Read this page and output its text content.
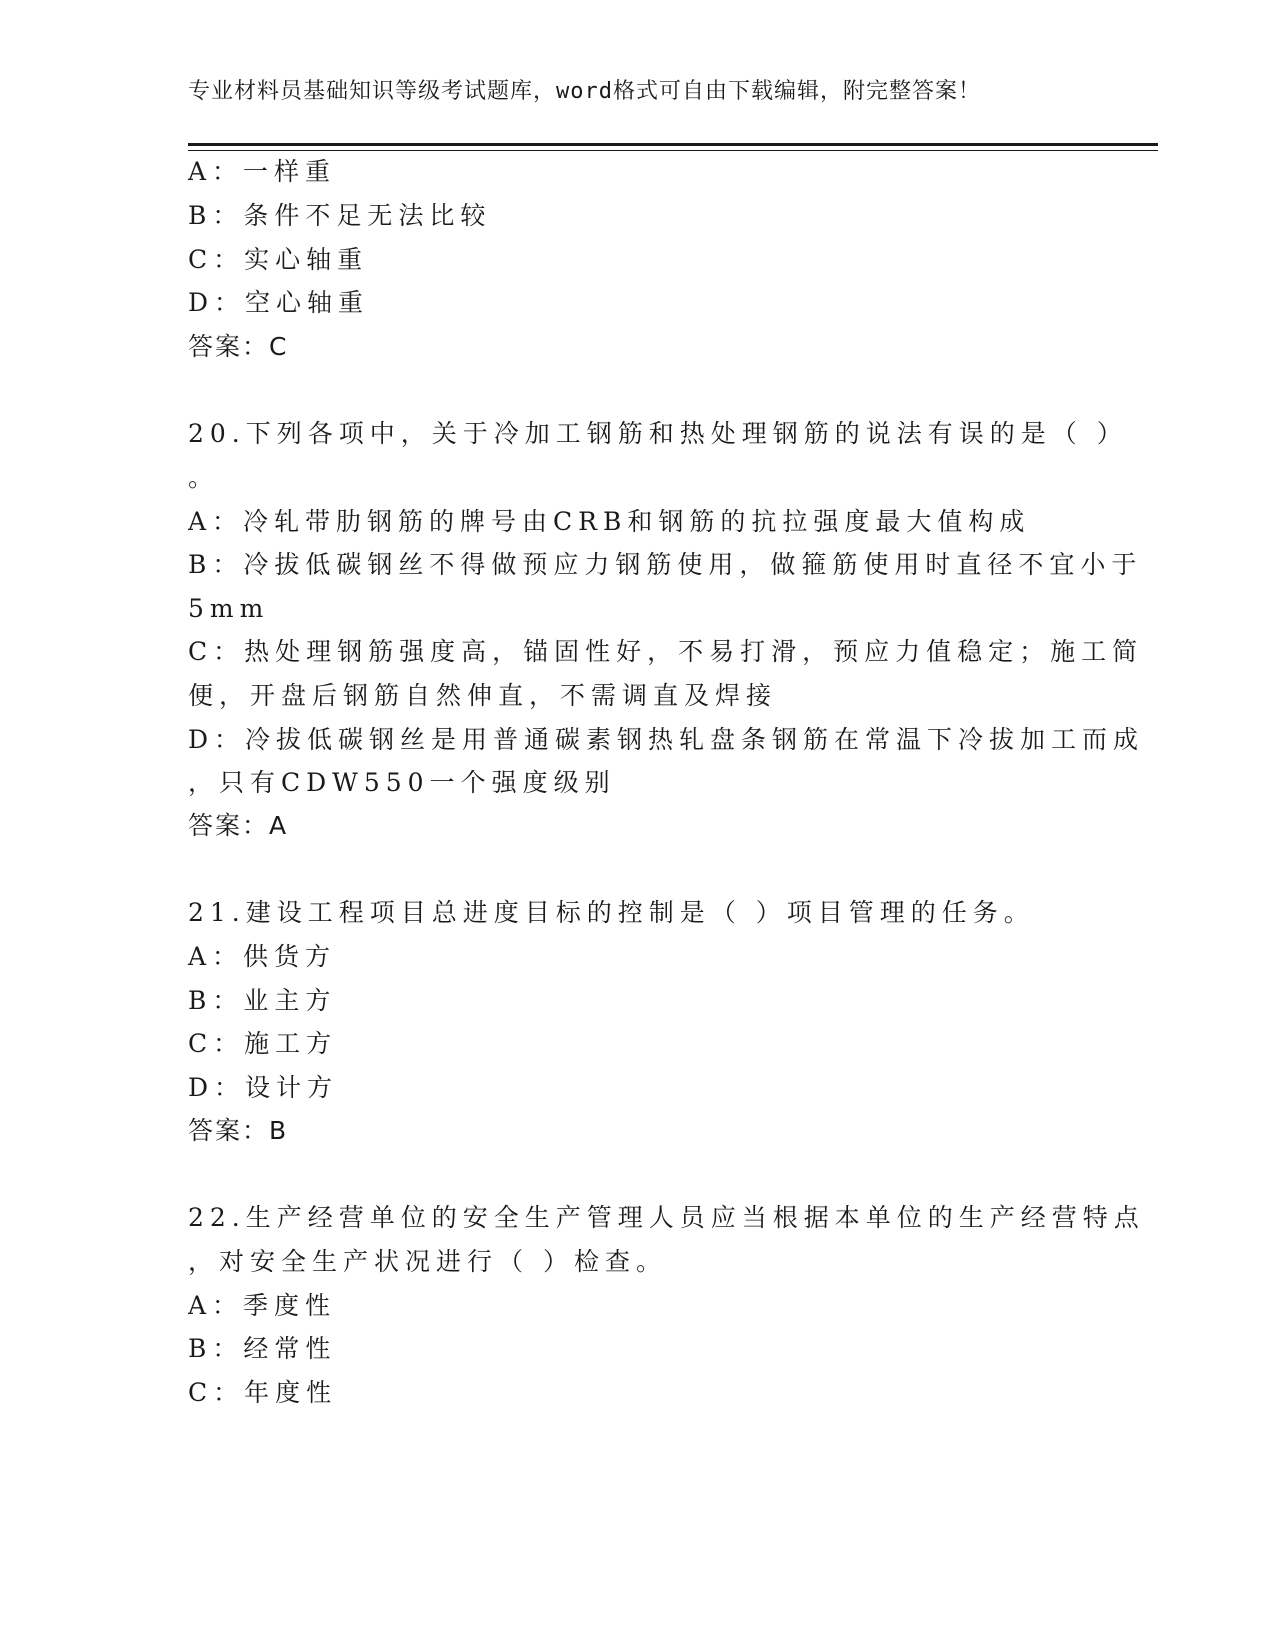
专业材料员基础知识等级考试题库，word格式可自由下载编辑，附完整答案！
A：一样重
B：条件不足无法比较
C：实心轴重
D：空心轴重
答案：C
20.下列各项中，关于冷加工钢筋和热处理钢筋的说法有误的是（ ）
。
A：冷轧带肋钢筋的牌号由CRB和钢筋的抗拉强度最大值构成
B：冷拔低碳钢丝不得做预应力钢筋使用，做箍筋使用时直径不宜小于
5mm
C：热处理钢筋强度高，锚固性好，不易打滑，预应力值稳定；施工简
便，开盘后钢筋自然伸直，不需调直及焊接
D：冷拔低碳钢丝是用普通碳素钢热轧盘条钢筋在常温下冷拔加工而成
，只有CDW550一个强度级别
答案：A
21.建设工程项目总进度目标的控制是（ ）项目管理的任务。
A：供货方
B：业主方
C：施工方
D：设计方
答案：B
22.生产经营单位的安全生产管理人员应当根据本单位的生产经营特点
，对安全生产状况进行（ ）检查。
A：季度性
B：经常性
C：年度性
